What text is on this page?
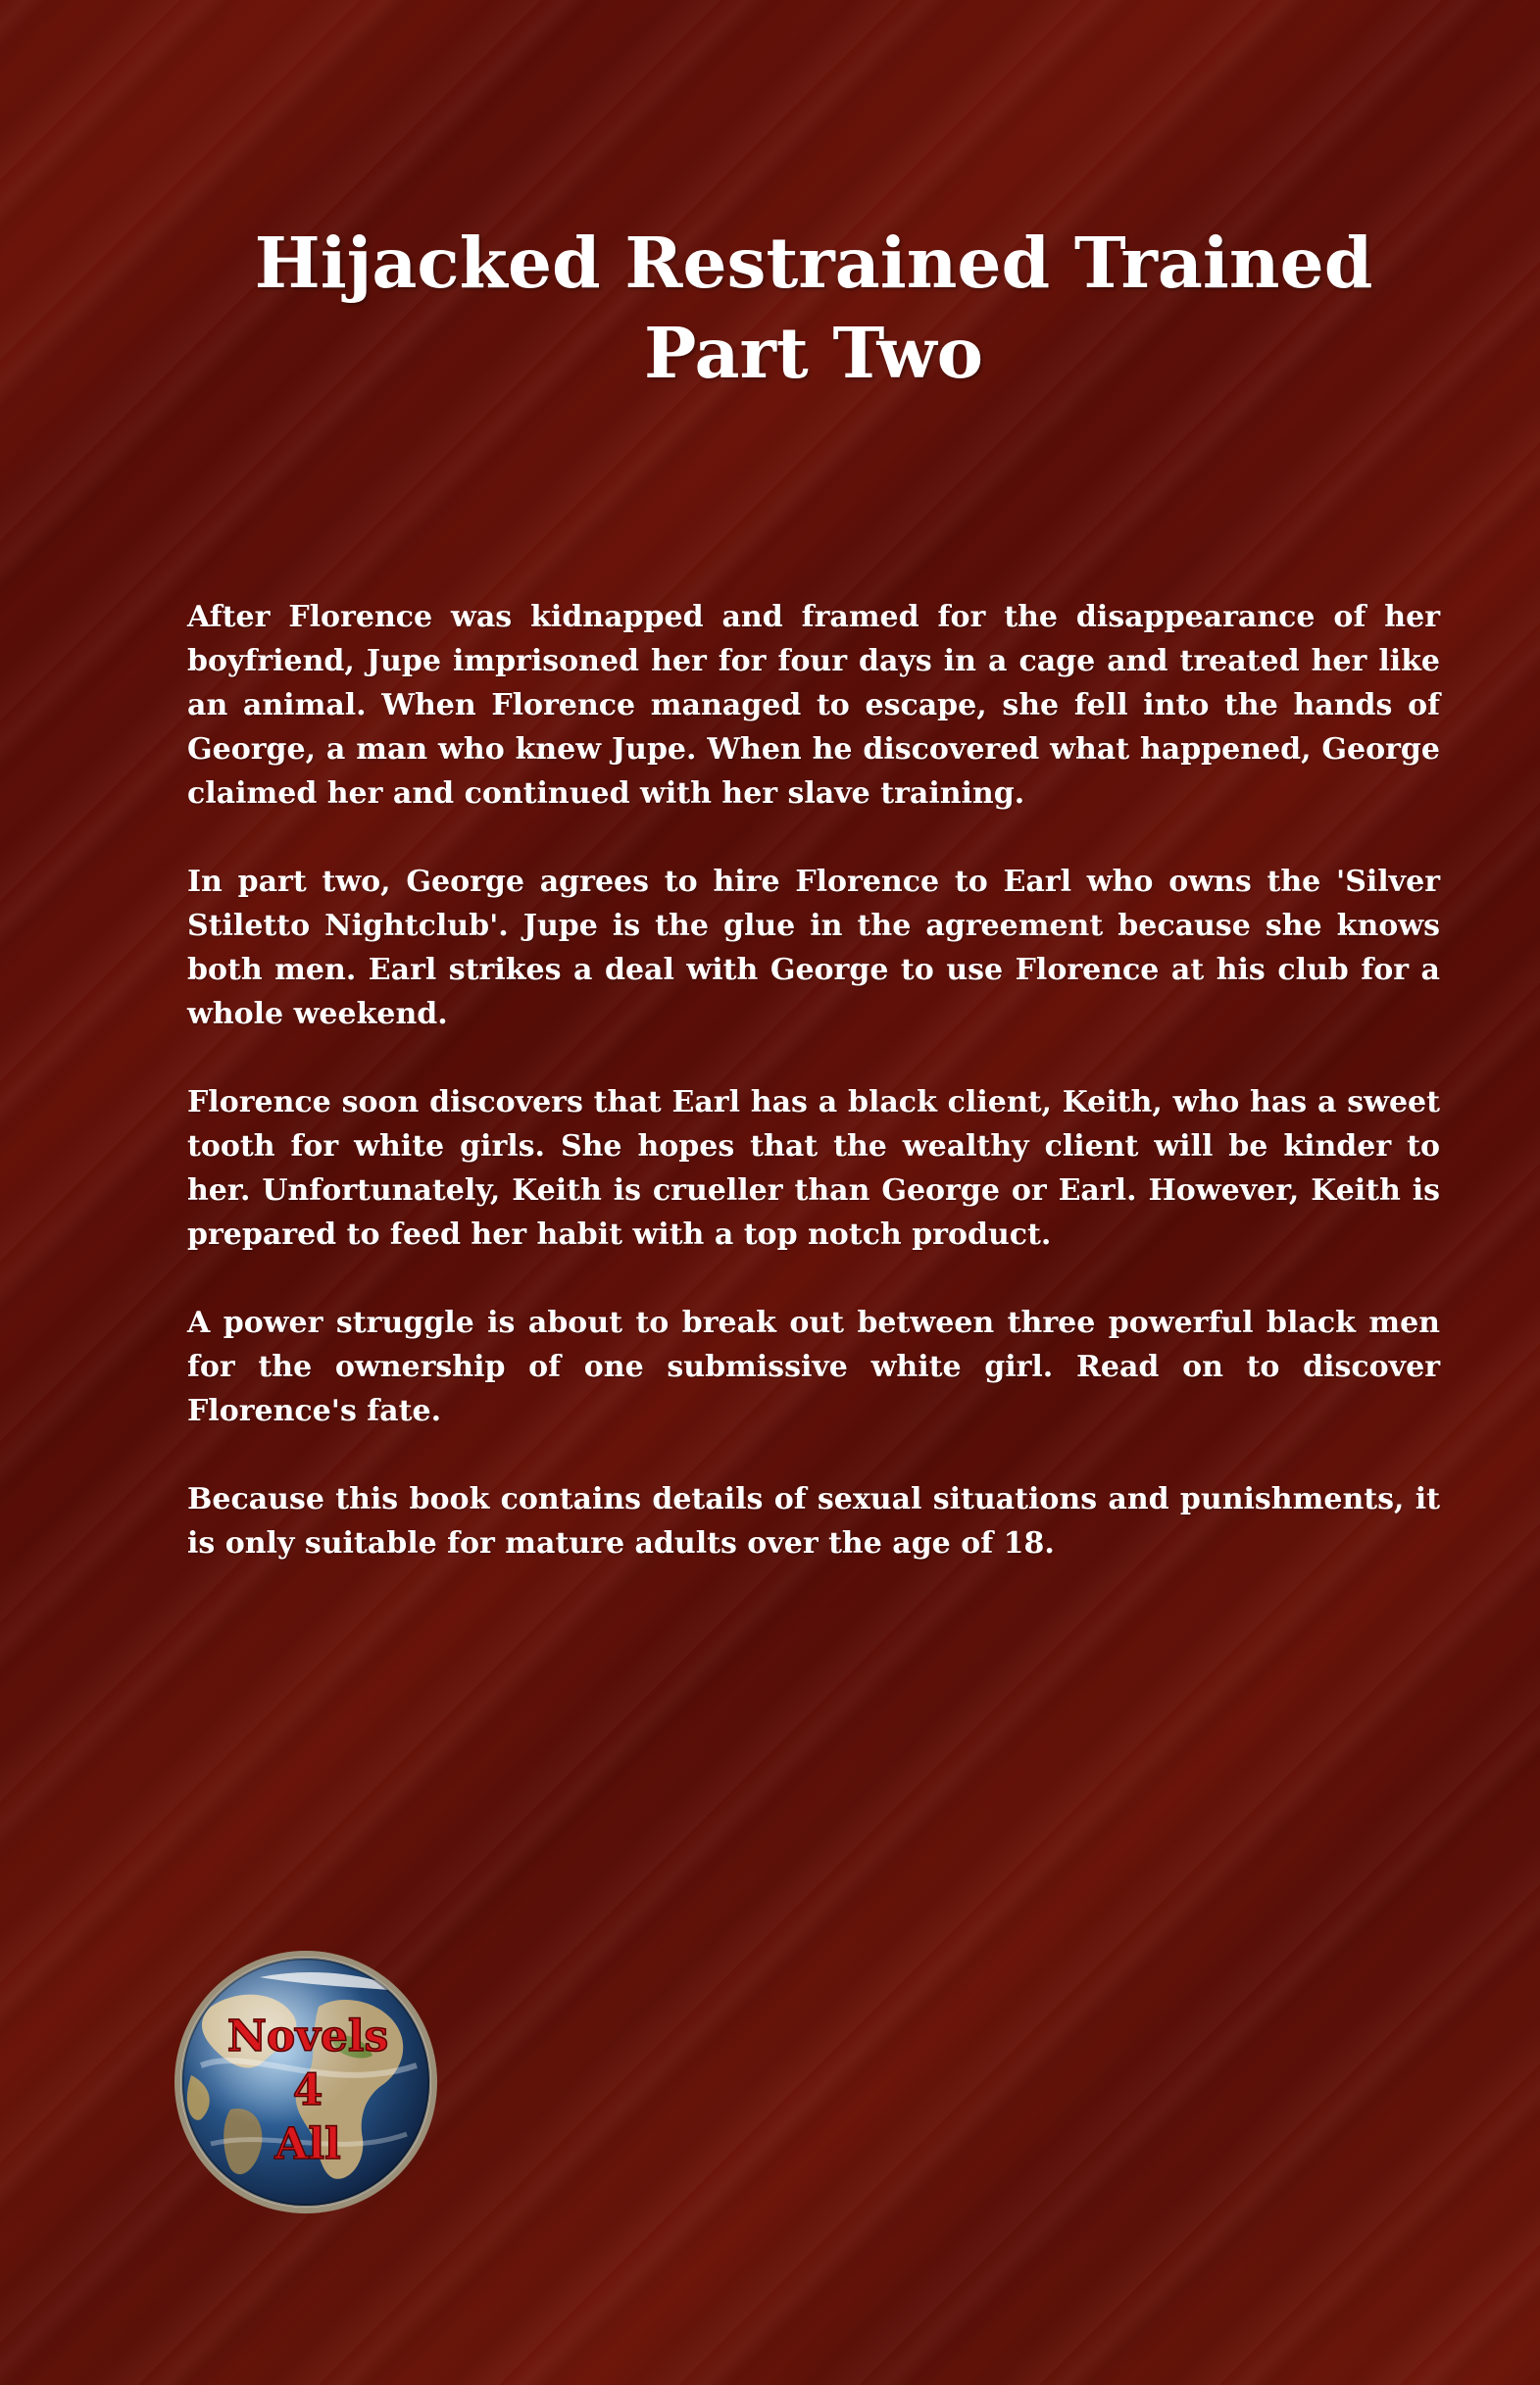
Hijacked Restrained Trained
Part Two

After Florence was kidnapped and framed for the disappearance of her boyfriend, Jupe imprisoned her for four days in a cage and treated her like an animal. When Florence managed to escape, she fell into the hands of George, a man who knew Jupe. When he discovered what happened, George claimed her and continued with her slave training.

In part two, George agrees to hire Florence to Earl who owns the 'Silver Stiletto Nightclub'. Jupe is the glue in the agreement because she knows both men. Earl strikes a deal with George to use Florence at his club for a whole weekend.

Florence soon discovers that Earl has a black client, Keith, who has a sweet tooth for white girls. She hopes that the wealthy client will be kinder to her. Unfortunately, Keith is crueller than George or Earl. However, Keith is prepared to feed her habit with a top notch product.

A power struggle is about to break out between three powerful black men for the ownership of one submissive white girl. Read on to discover Florence's fate.

Because this book contains details of sexual situations and punishments, it is only suitable for mature adults over the age of 18.

Novels
4
All
